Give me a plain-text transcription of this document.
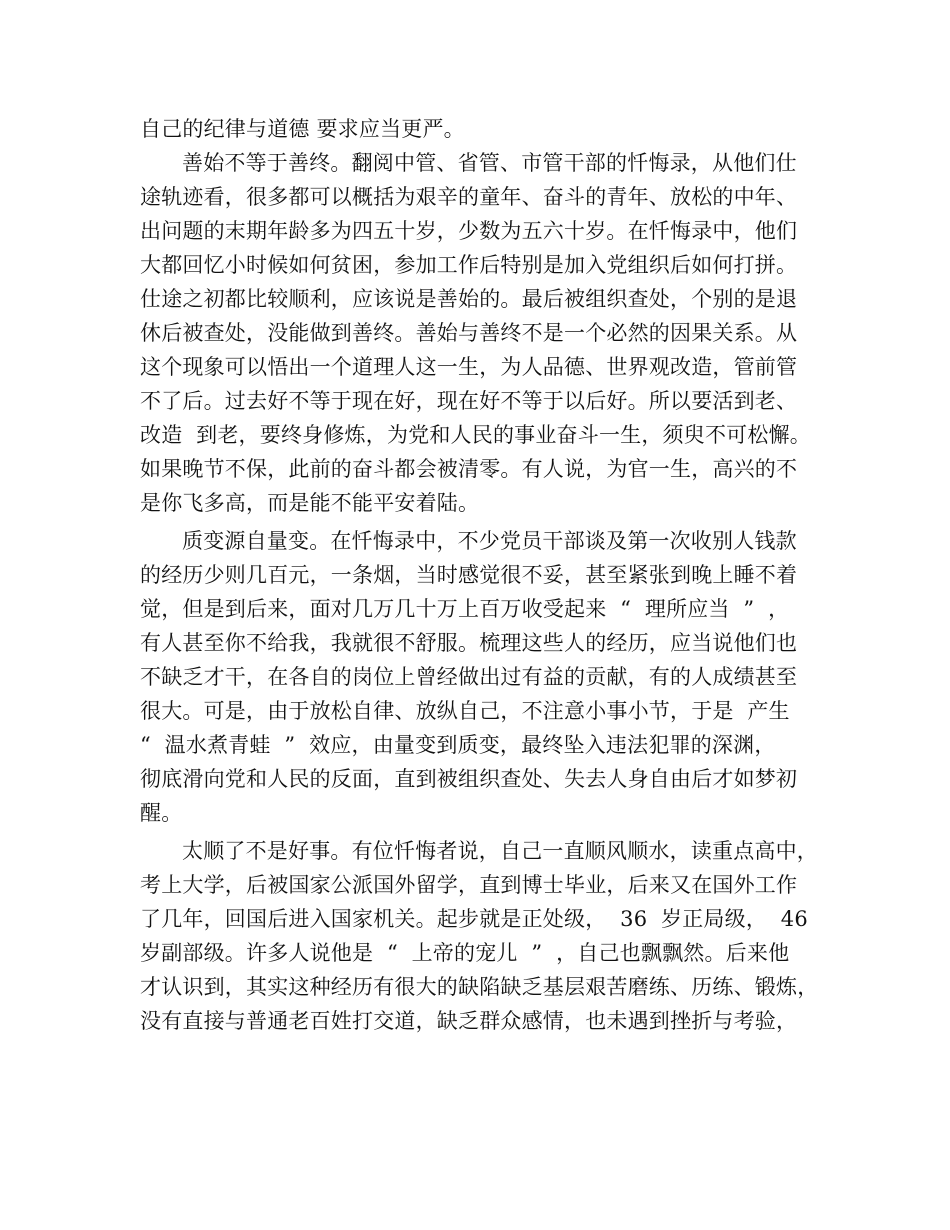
自己的纪律与道德 要求应当更严。
善始不等于善终。翻阅中管、省管、市管干部的忏悔录，从他们仕
途轨迹看，很多都可以概括为艰辛的童年、奋斗的青年、放松的中年、
出问题的末期年龄多为四五十岁，少数为五六十岁。在忏悔录中，他们
大都回忆小时候如何贫困，参加工作后特别是加入党组织后如何打拼。
仕途之初都比较顺利，应该说是善始的。最后被组织查处，个别的是退
休后被查处，没能做到善终。善始与善终不是一个必然的因果关系。从
这个现象可以悟出一个道理人这一生，为人品德、世界观改造，管前管
不了后。过去好不等于现在好，现在好不等于以后好。所以要活到老、
改造  到老，要终身修炼，为党和人民的事业奋斗一生，须臾不可松懈。
如果晚节不保，此前的奋斗都会被清零。有人说，为官一生，高兴的不
是你飞多高，而是能不能平安着陆。
质变源自量变。在忏悔录中，不少党员干部谈及第一次收别人钱款
的经历少则几百元，一条烟，当时感觉很不妥，甚至紧张到晚上睡不着
觉，但是到后来，面对几万几十万上百万收受起来  “  理所应当  ”  ，
有人甚至你不给我，我就很不舒服。梳理这些人的经历，应当说他们也
不缺乏才干，在各自的岗位上曾经做出过有益的贡献，有的人成绩甚至
很大。可是，由于放松自律、放纵自己，不注意小事小节，于是  产生
“  温水煮青蛙  ”  效应，由量变到质变，最终坠入违法犯罪的深渊，
彻底滑向党和人民的反面，直到被组织查处、失去人身自由后才如梦初
醒。
太顺了不是好事。有位忏悔者说，自己一直顺风顺水，读重点高中，
考上大学，后被国家公派国外留学，直到博士毕业，后来又在国外工作
了几年，回国后进入国家机关。起步就是正处级，  36  岁正局级，  46
岁副部级。许多人说他是  “  上帝的宠儿  ”  ，自己也飘飘然。后来他
才认识到，其实这种经历有很大的缺陷缺乏基层艰苦磨练、历练、锻炼，
没有直接与普通老百姓打交道，缺乏群众感情，也未遇到挫折与考验，
